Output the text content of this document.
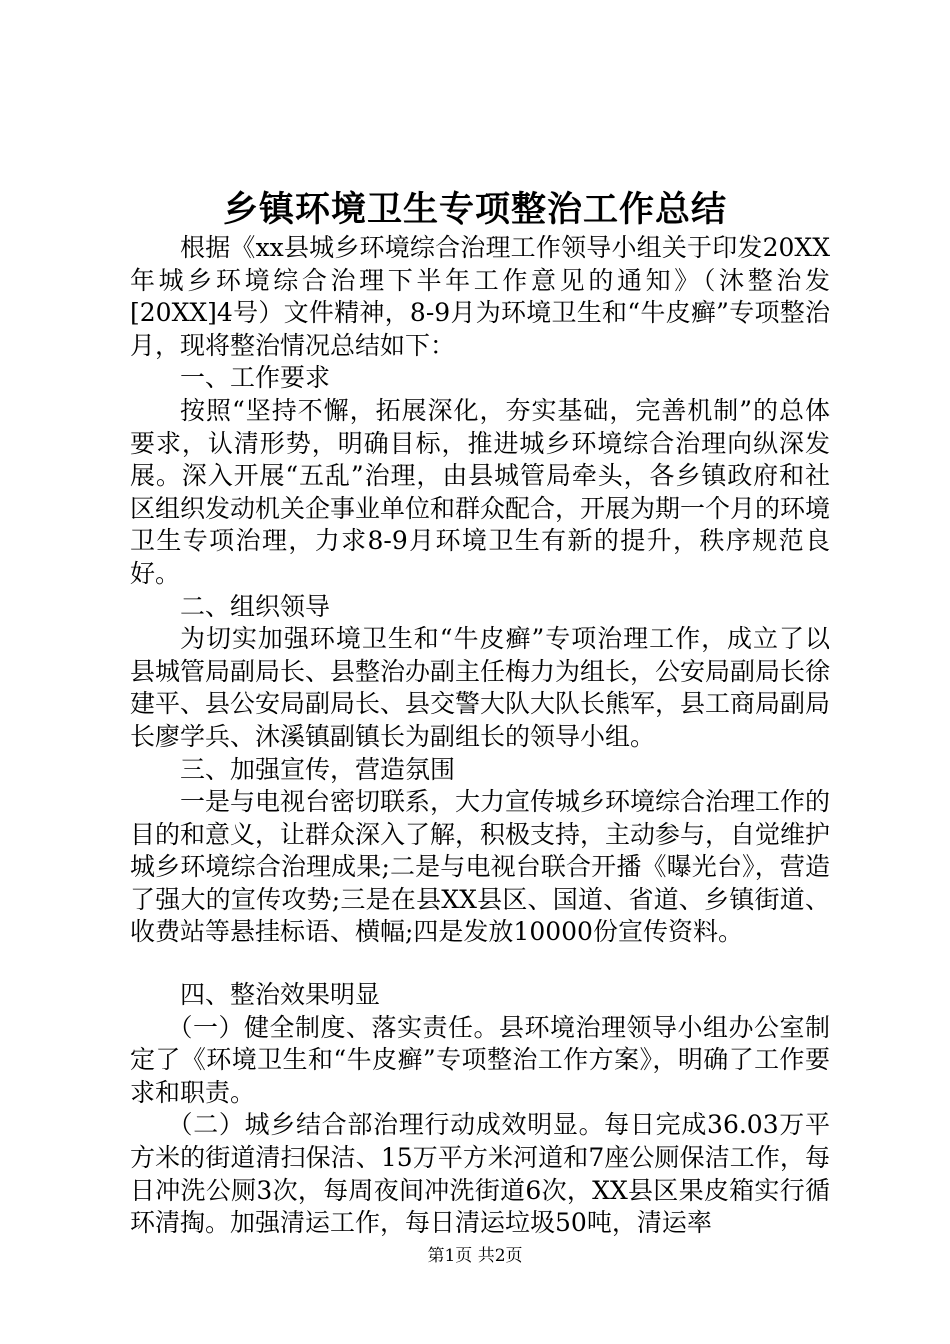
乡镇环境卫生专项整治工作总结

根据《xx县城乡环境综合治理工作领导小组关于印发20XX年城乡环境综合治理下半年工作意见的通知》（沐整治发[20XX]4号）文件精神，8-9月为环境卫生和“牛皮癣”专项整治月，现将整治情况总结如下：

一、工作要求

按照“坚持不懈，拓展深化，夯实基础，完善机制”的总体要求，认清形势，明确目标，推进城乡环境综合治理向纵深发展。深入开展“五乱”治理，由县城管局牵头，各乡镇政府和社区组织发动机关企事业单位和群众配合，开展为期一个月的环境卫生专项治理，力求8-9月环境卫生有新的提升，秩序规范良好。

二、组织领导

为切实加强环境卫生和“牛皮癣”专项治理工作，成立了以县城管局副局长、县整治办副主任梅力为组长，公安局副局长徐建平、县公安局副局长、县交警大队大队长熊军，县工商局副局长廖学兵、沐溪镇副镇长为副组长的领导小组。

三、加强宣传，营造氛围

一是与电视台密切联系，大力宣传城乡环境综合治理工作的目的和意义，让群众深入了解，积极支持，主动参与，自觉维护城乡环境综合治理成果;二是与电视台联合开播《曝光台》，营造了强大的宣传攻势;三是在县XX县区、国道、省道、乡镇街道、收费站等悬挂标语、横幅;四是发放10000份宣传资料。

四、整治效果明显

（一）健全制度、落实责任。县环境治理领导小组办公室制定了《环境卫生和“牛皮癣”专项整治工作方案》，明确了工作要求和职责。

（二）城乡结合部治理行动成效明显。每日完成36.03万平方米的街道清扫保洁、15万平方米河道和7座公厕保洁工作，每日冲洗公厕3次，每周夜间冲洗街道6次，XX县区果皮箱实行循环清掏。加强清运工作，每日清运垃圾50吨，清运率

第1页 共2页
